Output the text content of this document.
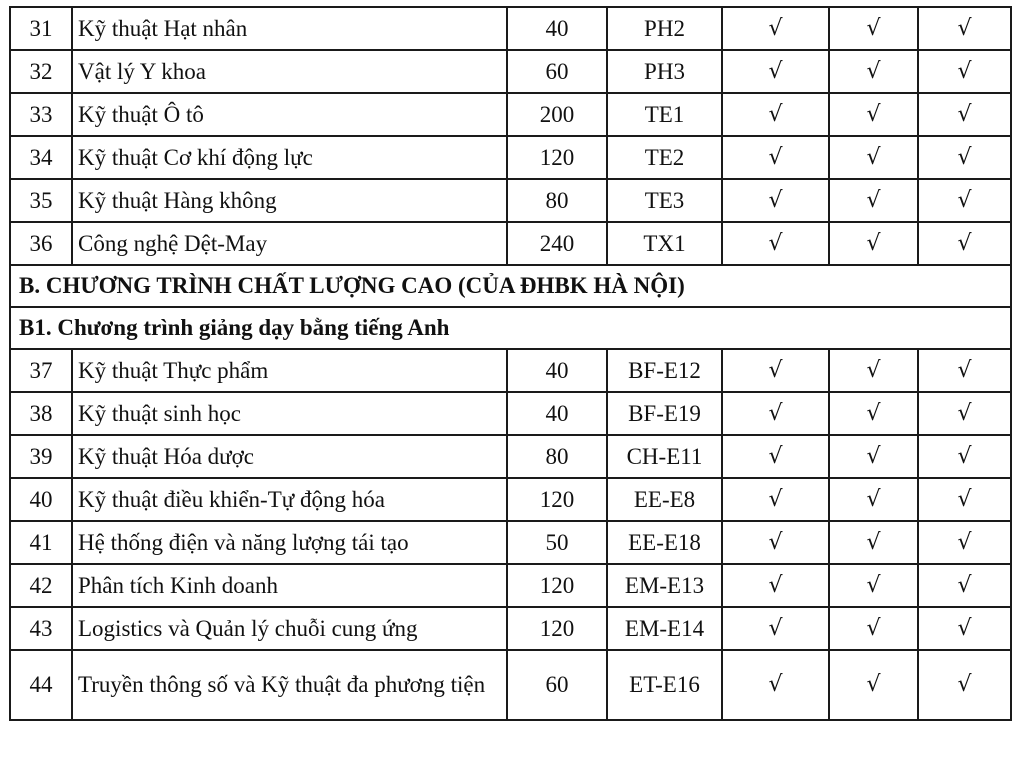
31	Kỹ thuật Hạt nhân	40	PH2	√	√	√
32	Vật lý Y khoa	60	PH3	√	√	√
33	Kỹ thuật Ô tô	200	TE1	√	√	√
34	Kỹ thuật Cơ khí động lực	120	TE2	√	√	√
35	Kỹ thuật Hàng không	80	TE3	√	√	√
36	Công nghệ Dệt-May	240	TX1	√	√	√
B. CHƯƠNG TRÌNH CHẤT LƯỢNG CAO (CỦA ĐHBK HÀ NỘI)						
B1. Chương trình giảng dạy bằng tiếng Anh						
37	Kỹ thuật Thực phẩm	40	BF-E12	√	√	√
38	Kỹ thuật sinh học	40	BF-E19	√	√	√
39	Kỹ thuật Hóa dược	80	CH-E11	√	√	√
40	Kỹ thuật điều khiển-Tự động hóa	120	EE-E8	√	√	√
41	Hệ thống điện và năng lượng tái tạo	50	EE-E18	√	√	√
42	Phân tích Kinh doanh	120	EM-E13	√	√	√
43	Logistics và Quản lý chuỗi cung ứng	120	EM-E14	√	√	√
44	Truyền thông số và Kỹ thuật đa phương tiện	60	ET-E16	√	√	√
